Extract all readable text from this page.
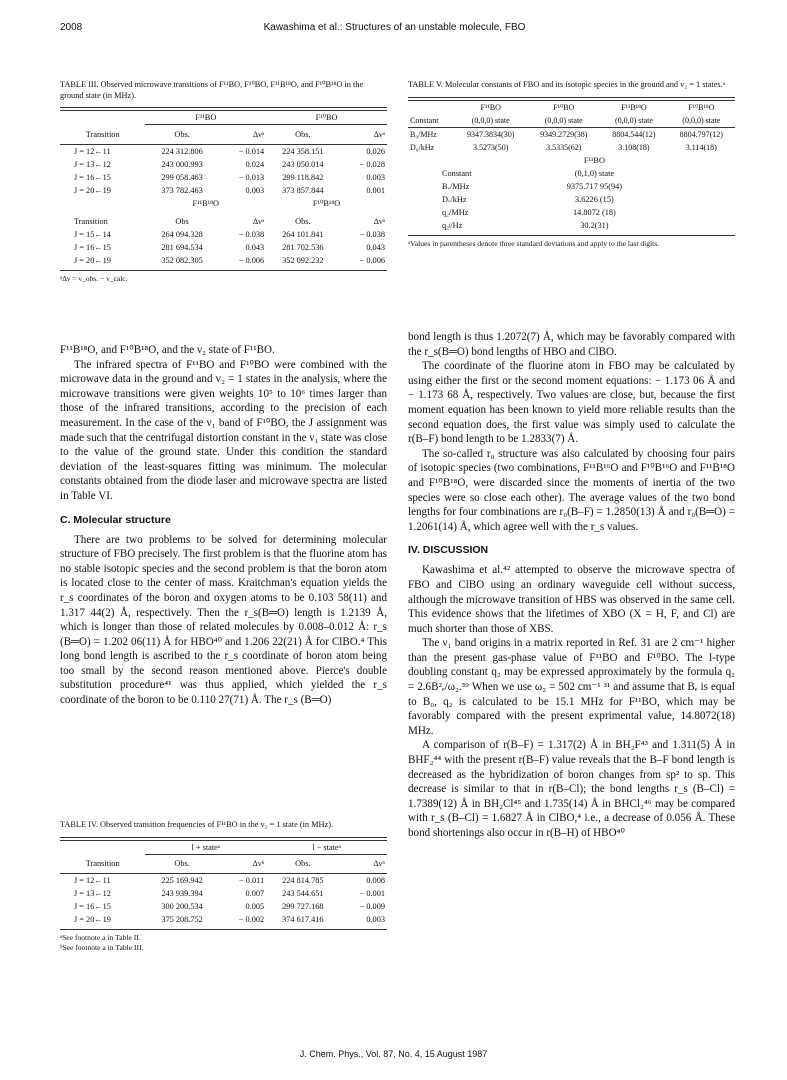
2008	Kawashima et al.: Structures of an unstable molecule, FBO

TABLE III. Observed microwave transitions of F¹¹BO, F¹⁰BO, F¹¹B¹⁸O, and F¹⁰B¹⁸O in the ground state (in MHz).

	F¹¹BO		F¹⁰BO	
Transition	Obs.	Δνᵃ	Obs.	Δνᵃ

J = 12←11	224 312.806	− 0.014	224 358.151	0.026
J = 13←12	243 000.993	0.024	243 050.014	− 0.028
J = 16←15	299 058.463	− 0.013	299 118.842	0.003
J = 20←19	373 782.463	0.003	373 857.844	0.001
	F¹¹B¹⁸O		F¹⁰B¹⁸O	

Transition	Obs	Δνᵃ	Obs.	Δνᵃ
J = 15←14	264 094.328	− 0.038	264 101.841	− 0.038
J = 16←15	281 694.534	0.043	281 702.536	0.043
J = 20←19	352 082.305	− 0.006	352 092.232	− 0.006

ᵃΔν = ν_obs. − ν_calc.

TABLE V. Molecular constants of FBO and its isotopic species in the ground and v₂ = 1 states.ᵃ

	F¹¹BO	F¹⁰BO	F¹¹B¹⁸O	F¹⁰B¹⁸O
Constant	(0,0,0) state	(0,0,0) state	(0,0,0) state	(0,0,0) state

B₀/MHz	9347.3834(30)	9349.2729(38)	8804.544(12)	8804.797(12)
D₀/kHz	3.5273(50)	3.5335(62)	3.108(18)	3.114(18)
	F¹¹BO	
Constant	(0,1,0) state	
Bᵥ/MHz	9375.717 95(94)	
Dᵥ/kHz	3.6226 (15)	
q₂/MHz	14.8072 (18)	
q₂ʲ/Hz	30.2(31)	

ᵃValues in parentheses denote three standard deviations and apply to the last digits.

F¹¹B¹⁸O, and F¹⁰B¹⁸O, and the ν₂ state of F¹¹BO.

The infrared spectra of F¹¹BO and F¹⁰BO were combined with the microwave data in the ground and v₂ = 1 states in the analysis, where the microwave transitions were given weights 10⁵ to 10⁶ times larger than those of the infrared transitions, according to the precision of each measurement. In the case of the ν₁ band of F¹⁰BO, the J assignment was made such that the centrifugal distortion constant in the ν₁ state was close to the value of the ground state. Under this condition the standard deviation of the least-squares fitting was minimum. The molecular constants obtained from the diode laser and microwave spectra are listed in Table VI.

C. Molecular structure

There are two problems to be solved for determining molecular structure of FBO precisely. The first problem is that the fluorine atom has no stable isotopic species and the second problem is that the boron atom is located close to the center of mass. Kraitchman's equation yields the r_s coordinates of the boron and oxygen atoms to be 0.103 58(11) and 1.317 44(2) Å, respectively. Then the r_s(B═O) length is 1.2139 Å, which is longer than those of related molecules by 0.008–0.012 Å: r_s (B═O) = 1.202 06(11) Å for HBO⁴⁰ and 1.206 22(21) Å for ClBO.⁴ This long bond length is ascribed to the r_s coordinate of boron atom being too small by the second reason mentioned above. Pierce's double substitution procedure⁴¹ was thus applied, which yielded the r_s coordinate of the boron to be 0.110 27(71) Å. The r_s (B═O)

TABLE IV. Observed transition frequencies of F¹¹BO in the v₂ = 1 state (in MHz).

	l + stateᵃ		l − stateᵃ	
Transition	Obs.	Δνᵇ	Obs.	Δνᵇ

J = 12←11	225 169.942	− 0.011	224 814.785	0.008
J = 13←12	243 939.394	0.007	243 544.651	− 0.001
J = 16←15	300 200.534	0.005	299 727.168	− 0.009
J = 20←19	375 208.752	− 0.002	374 617.416	0.003

ᵃSee footnote a in Table II.

ᵇSee footnote a in Table III.

bond length is thus 1.2072(7) Å, which may be favorably compared with the r_s(B═O) bond lengths of HBO and ClBO.

The coordinate of the fluorine atom in FBO may be calculated by using either the first or the second moment equations: − 1.173 06 Å and − 1.173 68 Å, respectively. Two values are close, but, because the first moment equation has been known to yield more reliable results than the second equation does, the first value was simply used to calculate the r(B–F) bond length to be 1.2833(7) Å.

The so-called r₀ structure was also calculated by choosing four pairs of isotopic species (two combinations, F¹¹B¹⁶O and F¹⁰B¹⁶O and F¹¹B¹⁸O and F¹⁰B¹⁸O, were discarded since the moments of inertia of the two species were so close each other). The average values of the two bond lengths for four combinations are r₀(B–F) = 1.2850(13) Å and r₀(B═O) = 1.2061(14) Å, which agree well with the r_s values.

IV. DISCUSSION

Kawashima et al.⁴² attempted to observe the microwave spectra of FBO and ClBO using an ordinary waveguide cell without success, although the microwave transition of HBS was observed in the same cell. This evidence shows that the lifetimes of XBO (X = H, F, and Cl) are much shorter than those of XBS.

The ν₁ band origins in a matrix reported in Ref. 31 are 2 cm⁻¹ higher than the present gas-phase value of F¹¹BO and F¹⁰BO. The l-type doubling constant q₂ may be expressed approximately by the formula q₂ = 2.6B²ₑ/ω₂.³⁹ When we use ω₂ = 502 cm⁻¹ ³¹ and assume that Bₑ is equal to B₀, q₂ is calculated to be 15.1 MHz for F¹¹BO, which may be favorably compared with the present exprimental value, 14.8072(18) MHz.

A comparison of r(B–F) = 1.317(2) Å in BH₂F⁴³ and 1.311(5) Å in BHF₂⁴⁴ with the present r(B–F) value reveals that the B–F bond length is decreased as the hybridization of boron changes from sp² to sp. This decrease is similar to that in r(B–Cl); the bond lengths r_s (B–Cl) = 1.7389(12) Å in BH₂Cl⁴⁵ and 1.735(14) Å in BHCl₂⁴⁶ may be compared with r_s (B–Cl) = 1.6827 Å in ClBO,⁴ i.e., a decrease of 0.056 Å. These bond shortenings also occur in r(B–H) of HBO⁴⁰

J. Chem. Phys., Vol. 87, No. 4, 15 August 1987
